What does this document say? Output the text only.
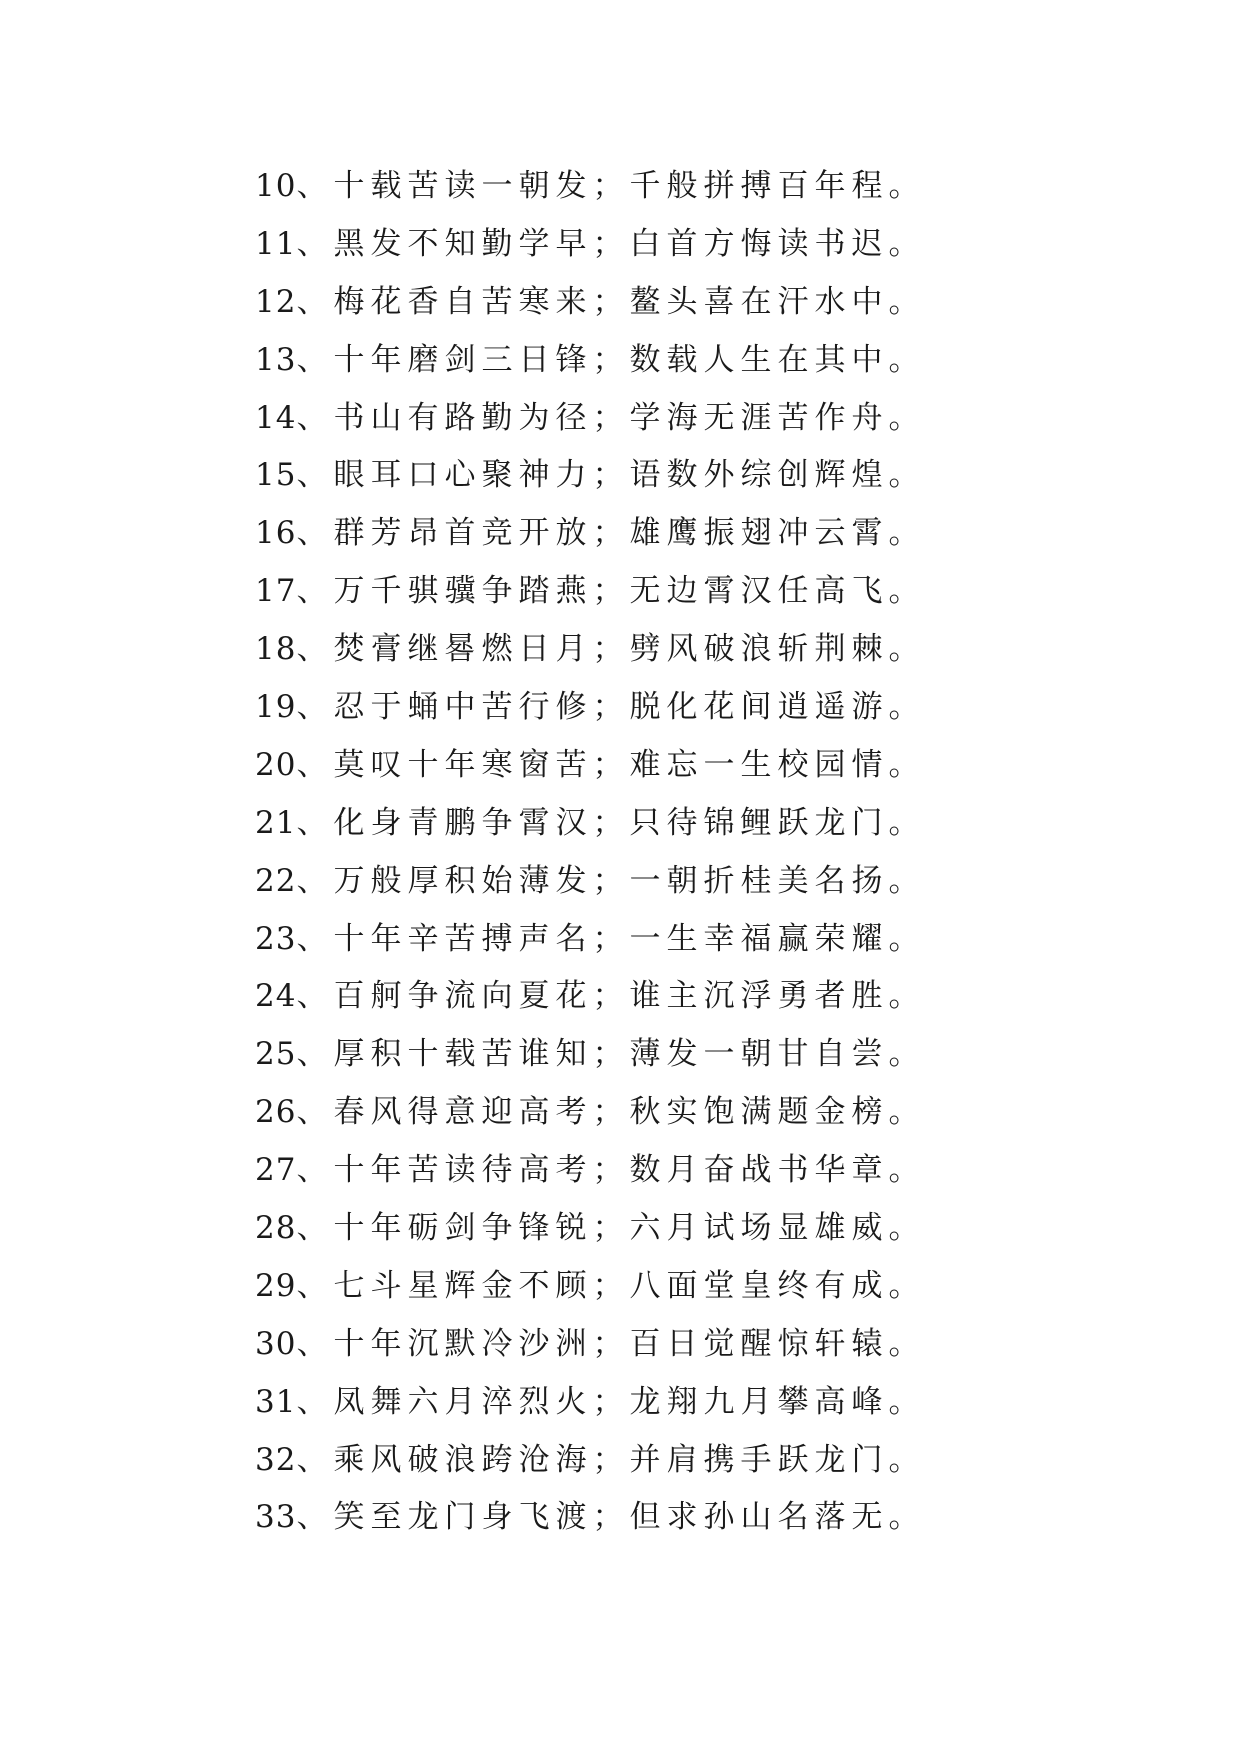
10、十载苦读一朝发；千般拼搏百年程。
11、黑发不知勤学早；白首方悔读书迟。
12、梅花香自苦寒来；鳌头喜在汗水中。
13、十年磨剑三日锋；数载人生在其中。
14、书山有路勤为径；学海无涯苦作舟。
15、眼耳口心聚神力；语数外综创辉煌。
16、群芳昂首竞开放；雄鹰振翅冲云霄。
17、万千骐骥争踏燕；无边霄汉任高飞。
18、焚膏继晷燃日月；劈风破浪斩荆棘。
19、忍于蛹中苦行修；脱化花间逍遥游。
20、莫叹十年寒窗苦；难忘一生校园情。
21、化身青鹏争霄汉；只待锦鲤跃龙门。
22、万般厚积始薄发；一朝折桂美名扬。
23、十年辛苦搏声名；一生幸福赢荣耀。
24、百舸争流向夏花；谁主沉浮勇者胜。
25、厚积十载苦谁知；薄发一朝甘自尝。
26、春风得意迎高考；秋实饱满题金榜。
27、十年苦读待高考；数月奋战书华章。
28、十年砺剑争锋锐；六月试场显雄威。
29、七斗星辉金不顾；八面堂皇终有成。
30、十年沉默冷沙洲；百日觉醒惊轩辕。
31、凤舞六月淬烈火；龙翔九月攀高峰。
32、乘风破浪跨沧海；并肩携手跃龙门。
33、笑至龙门身飞渡；但求孙山名落无。
